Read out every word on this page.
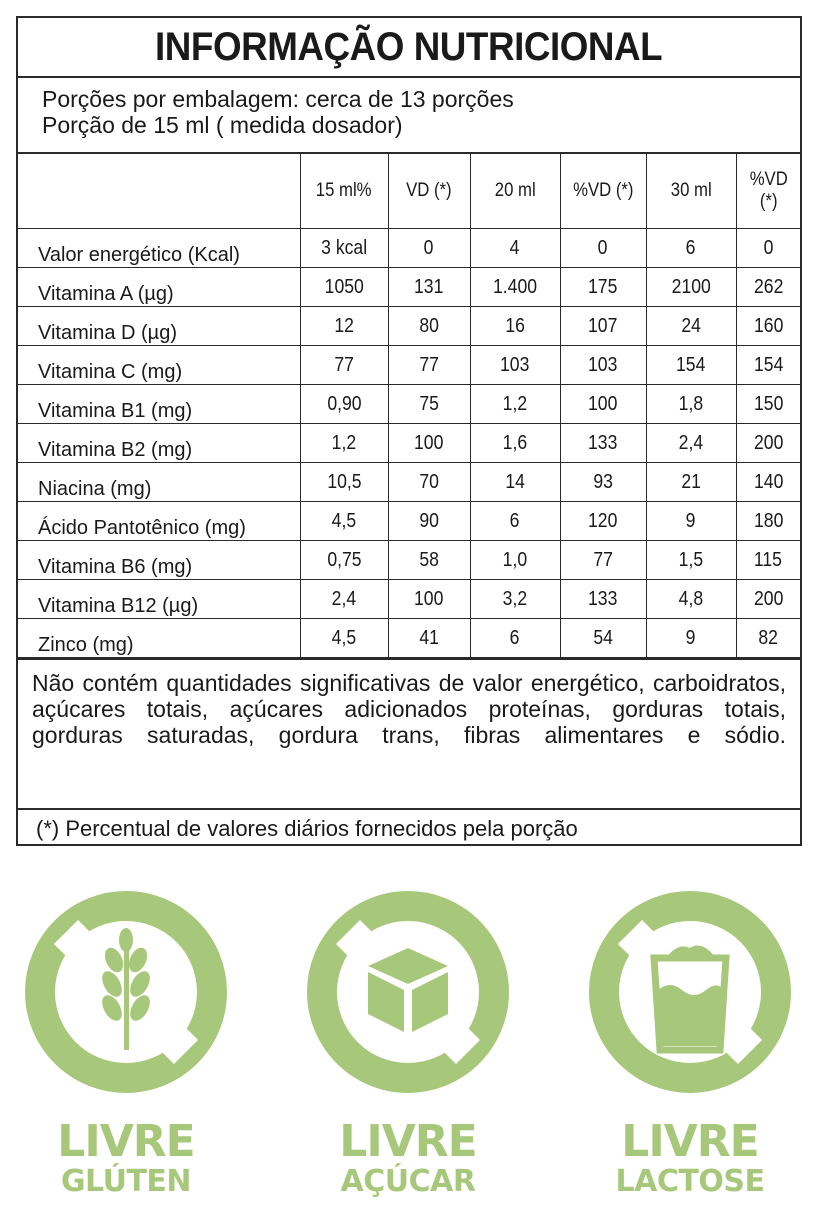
INFORMAÇÃO NUTRICIONAL
Porções por embalagem: cerca de 13 porções
Porção de 15 ml ( medida dosador)
	15 ml%	VD (*)	20 ml	%VD (*)	30 ml	%VD (*)
Valor energético (Kcal)	3 kcal	0	4	0	6	0
Vitamina A (µg)	1050	131	1.400	175	2100	262
Vitamina D (µg)	12	80	16	107	24	160
Vitamina C (mg)	77	77	103	103	154	154
Vitamina B1 (mg)	0,90	75	1,2	100	1,8	150
Vitamina B2 (mg)	1,2	100	1,6	133	2,4	200
Niacina (mg)	10,5	70	14	93	21	140
Ácido Pantotênico (mg)	4,5	90	6	120	9	180
Vitamina B6 (mg)	0,75	58	1,0	77	1,5	115
Vitamina B12 (µg)	2,4	100	3,2	133	4,8	200
Zinco (mg)	4,5	41	6	54	9	82
Não contém quantidades significativas de valor energético, carboidratos, açúcares totais, açúcares adicionados proteínas, gorduras totais, gorduras saturadas, gordura trans, fibras alimentares e sódio.
(*) Percentual de valores diários fornecidos pela porção
LIVRE
GLÚTEN
LIVRE
AÇÚCAR
LIVRE
LACTOSE
